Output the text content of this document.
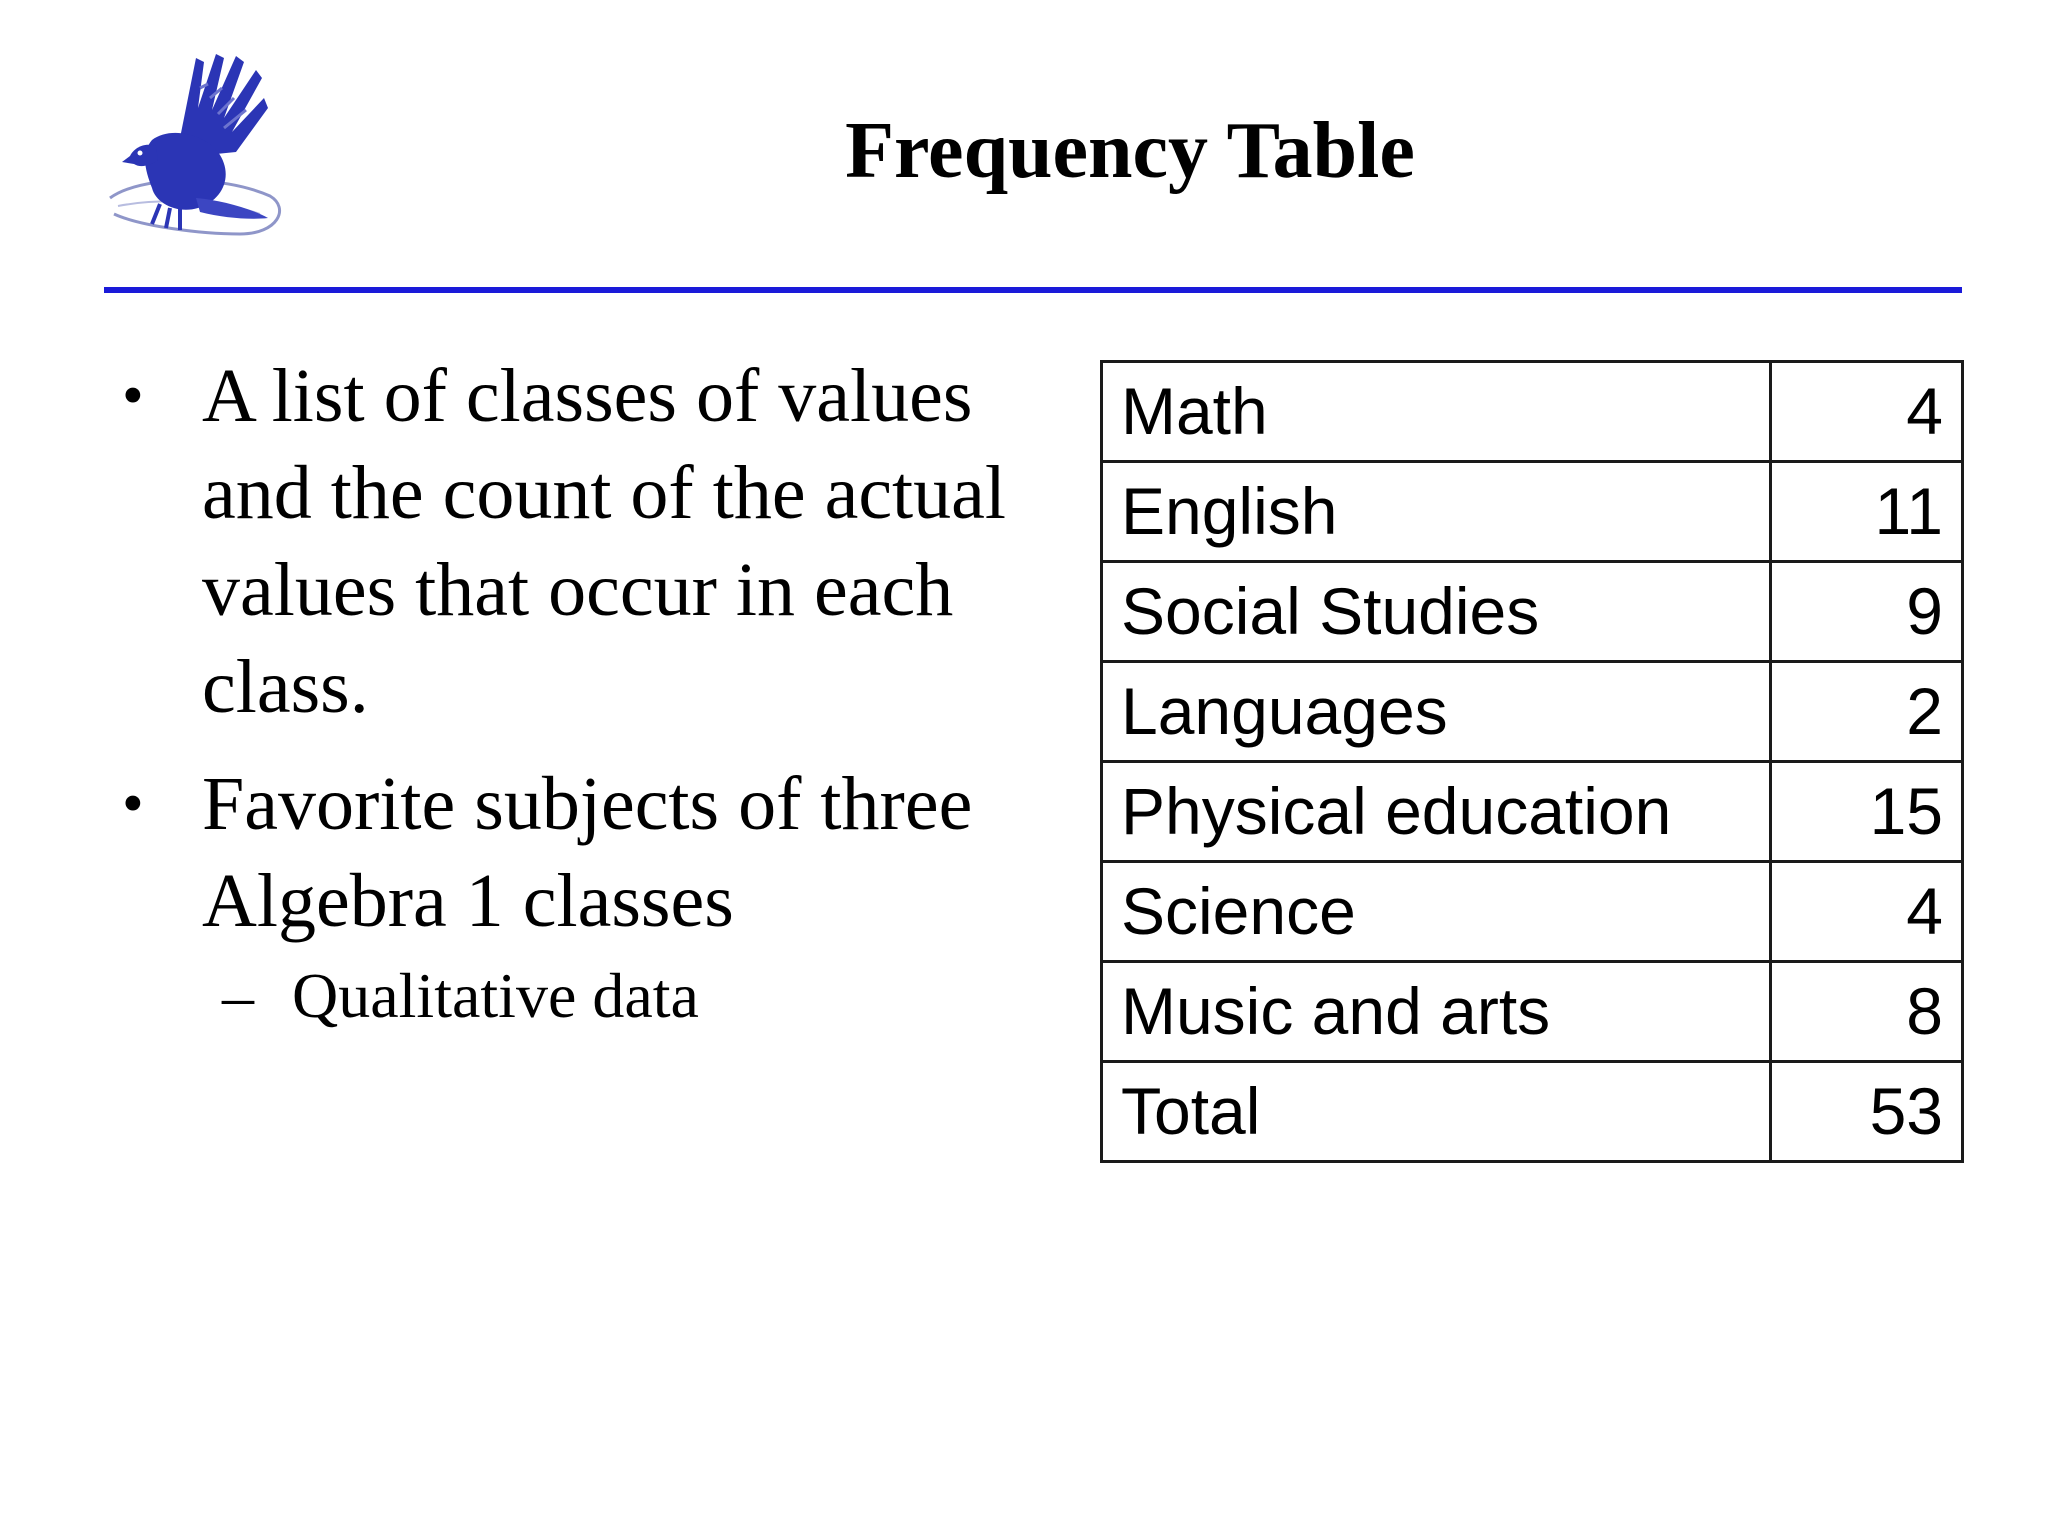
Frequency Table
• A list of classes of values and the count of the actual values that occur in each class.
• Favorite subjects of three Algebra 1 classes
– Qualitative data
Math	4
English	11
Social Studies	9
Languages	2
Physical education	15
Science	4
Music and arts	8
Total	53
